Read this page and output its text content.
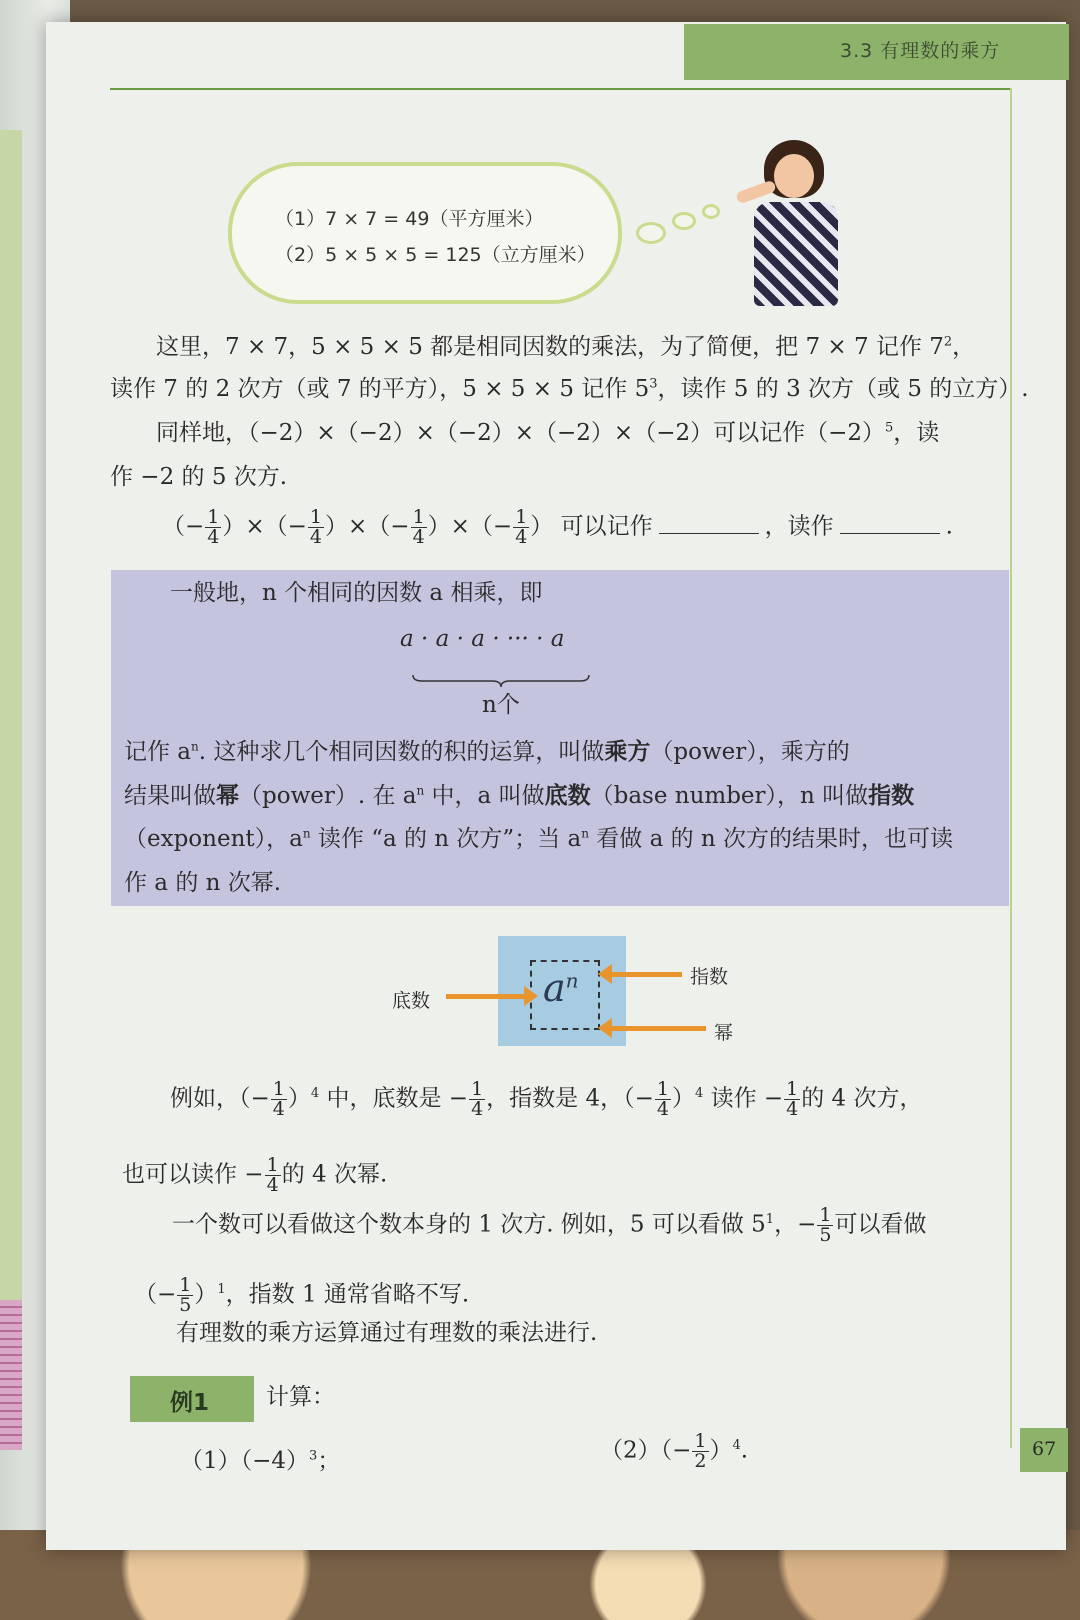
3.3 有理数的乘方
（1）7 × 7 = 49（平方厘米）
（2）5 × 5 × 5 = 125（立方厘米）
这里，7 × 7，5 × 5 × 5 都是相同因数的乘法，为了简便，把 7 × 7 记作 $7^2$，
读作 7 的 2 次方（或 7 的平方），5 × 5 × 5 记作 $5^3$，读作 5 的 3 次方（或 5 的立方）.
同样地，（−2）×（−2）×（−2）×（−2）×（−2）可以记作$(-2)^5$，读
作 −2 的 5 次方.
（− $\frac{1}{4}$ ）×（− $\frac{1}{4}$ ）×（− $\frac{1}{4}$ ）×（− $\frac{1}{4}$ ） 可以记作	，读作	.
一般地，n 个相同的因数 a 相乘，即
a · a · a · ··· · a
n个
记作 $a^n$. 这种求几个相同因数的积的运算，叫做乘方（power），乘方的
结果叫做幂（power）. 在 $a^n$ 中，a 叫做底数（base number），n 叫做指数
（exponent），$a^n$ 读作 “a 的 n 次方”；当 $a^n$ 看做 a 的 n 次方的结果时，也可读
作 a 的 n 次幂.
$a^n$
底数
指数
幂
例如，（− $\frac{1}{4} )^4$ 中，底数是 − $\frac{1}{4}$ ，指数是 4，（− $\frac{1}{4} )^4$ 读作 − $\frac{1}{4}$ 的 4 次方，
也可以读作 − $\frac{1}{4}$ 的 4 次幂.
一个数可以看做这个数本身的 1 次方. 例如，5 可以看做 $5^1$，− $\frac{1}{5}$ 可以看做
（− $\frac{1}{5} )^1$，指数 1 通常省略不写.
有理数的乘方运算通过有理数的乘法进行.
例1 计算：
$(1)(-4)^3$；	$(2)(- \frac{1}{2} )^4$.	67
